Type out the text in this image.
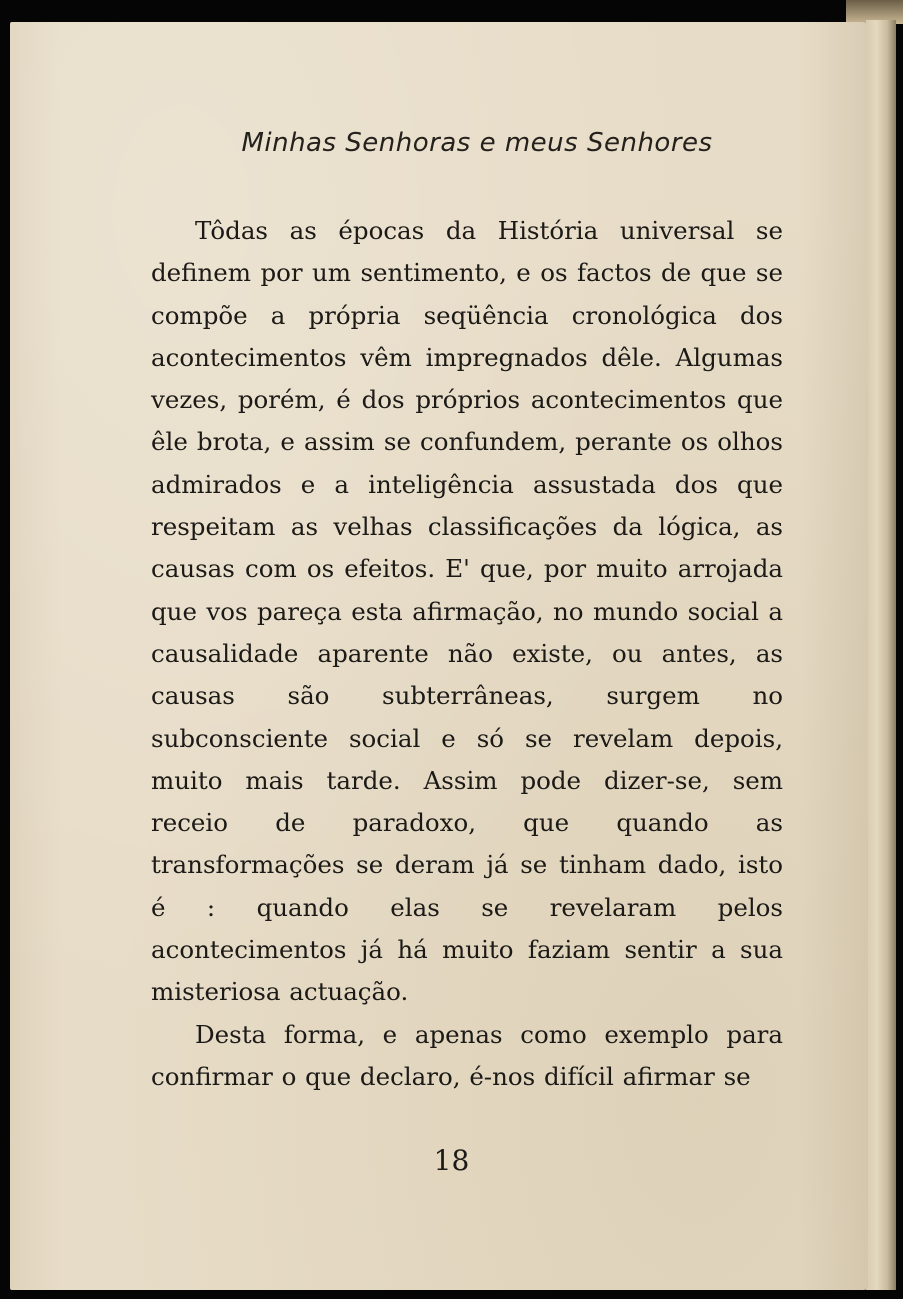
Minhas Senhoras e meus Senhores

Tôdas as épocas da História universal se definem por um sentimento, e os factos de que se compõe a própria seqüência cronológica dos acontecimentos vêm impregnados dêle. Algumas vezes, porém, é dos próprios acontecimentos que êle brota, e assim se confundem, perante os olhos admirados e a inteligência assustada dos que respeitam as velhas classificações da lógica, as causas com os efeitos. E' que, por muito arrojada que vos pareça esta afirmação, no mundo social a causalidade aparente não existe, ou antes, as causas são subterrâneas, surgem no subconsciente social e só se revelam depois, muito mais tarde. Assim pode dizer-se, sem receio de paradoxo, que quando as transformações se deram já se tinham dado, isto é : quando elas se revelaram pelos acontecimentos já há muito faziam sentir a sua misteriosa actuação.

Desta forma, e apenas como exemplo para confirmar o que declaro, é-nos difícil afirmar se

18
